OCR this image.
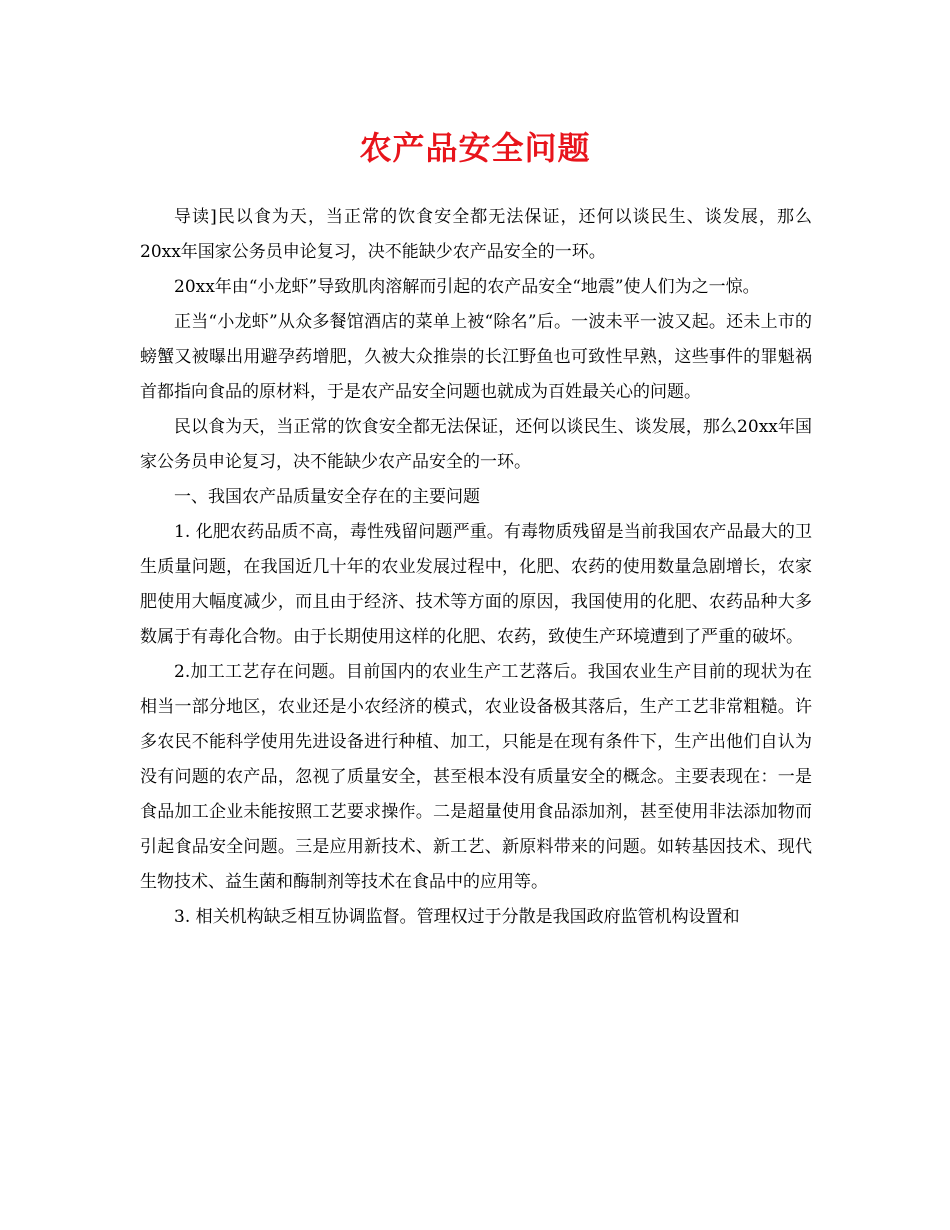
农产品安全问题

导读]民以食为天，当正常的饮食安全都无法保证，还何以谈民生、谈发展，那么20xx年国家公务员申论复习，决不能缺少农产品安全的一环。

20xx年由“小龙虾”导致肌肉溶解而引起的农产品安全“地震”使人们为之一惊。

正当“小龙虾”从众多餐馆酒店的菜单上被“除名”后。一波未平一波又起。还未上市的螃蟹又被曝出用避孕药增肥，久被大众推崇的长江野鱼也可致性早熟，这些事件的罪魁祸首都指向食品的原材料，于是农产品安全问题也就成为百姓最关心的问题。

民以食为天，当正常的饮食安全都无法保证，还何以谈民生、谈发展，那么20xx年国家公务员申论复习，决不能缺少农产品安全的一环。

一、我国农产品质量安全存在的主要问题

1. 化肥农药品质不高，毒性残留问题严重。有毒物质残留是当前我国农产品最大的卫生质量问题，在我国近几十年的农业发展过程中，化肥、农药的使用数量急剧增长，农家肥使用大幅度减少，而且由于经济、技术等方面的原因，我国使用的化肥、农药品种大多数属于有毒化合物。由于长期使用这样的化肥、农药，致使生产环境遭到了严重的破坏。

2.加工工艺存在问题。目前国内的农业生产工艺落后。我国农业生产目前的现状为在相当一部分地区，农业还是小农经济的模式，农业设备极其落后，生产工艺非常粗糙。许多农民不能科学使用先进设备进行种植、加工，只能是在现有条件下，生产出他们自认为没有问题的农产品，忽视了质量安全，甚至根本没有质量安全的概念。主要表现在：一是食品加工企业未能按照工艺要求操作。二是超量使用食品添加剂，甚至使用非法添加物而引起食品安全问题。三是应用新技术、新工艺、新原料带来的问题。如转基因技术、现代生物技术、益生菌和酶制剂等技术在食品中的应用等。

3. 相关机构缺乏相互协调监督。管理权过于分散是我国政府监管机构设置和
